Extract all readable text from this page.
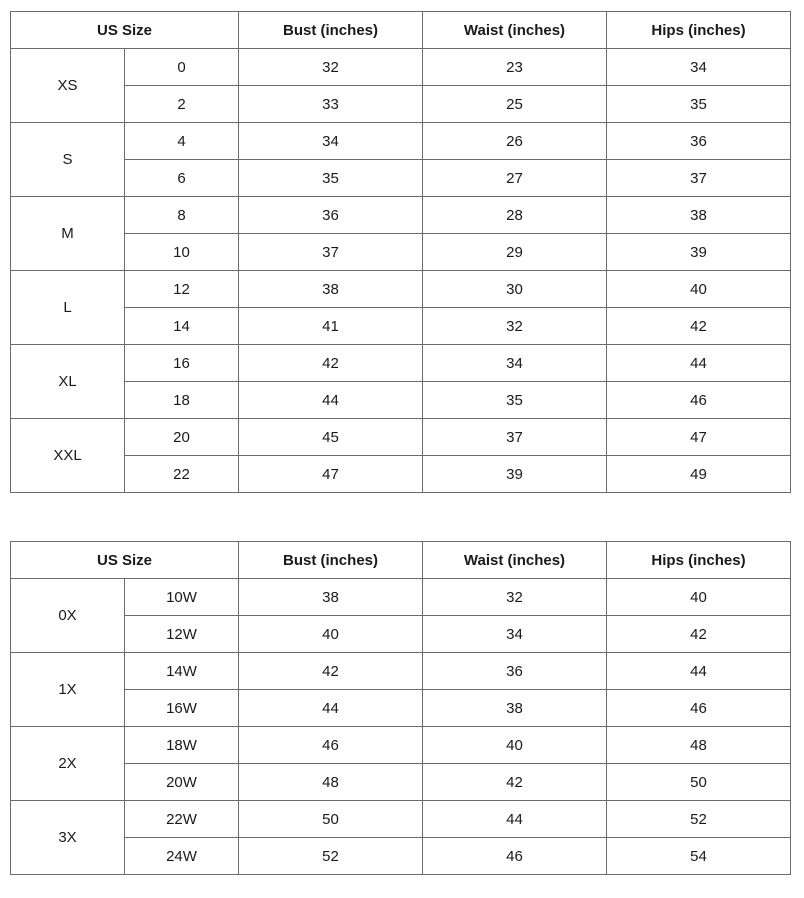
US Size		Bust (inches)	Waist (inches)	Hips (inches)
XS	0	32	23	34
	2	33	25	35
S	4	34	26	36
	6	35	27	37
M	8	36	28	38
	10	37	29	39
L	12	38	30	40
	14	41	32	42
XL	16	42	34	44
	18	44	35	46
XXL	20	45	37	47
	22	47	39	49
US Size		Bust (inches)	Waist (inches)	Hips (inches)
0X	10W	38	32	40
	12W	40	34	42
1X	14W	42	36	44
	16W	44	38	46
2X	18W	46	40	48
	20W	48	42	50
3X	22W	50	44	52
	24W	52	46	54
